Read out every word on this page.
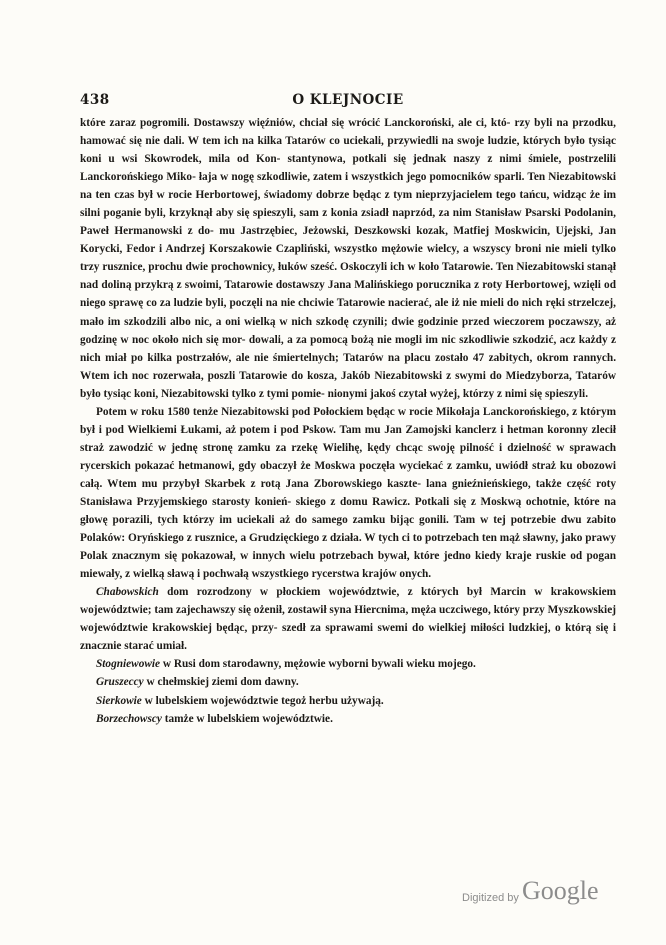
438	O KLEJNOCIE

które zaraz pogromili. Dostawszy więźniów, chciał się wrócić Lanckoroński, ale ci, któ- rzy byli na przodku, hamować się nie dali. W tem ich na kilka Tatarów co uciekali, przywiedli na swoje ludzie, których było tysiąc koni u wsi Skowrodek, mila od Kon- stantynowa, potkali się jednak naszy z nimi śmiele, postrzelili Lanckorońskiego Miko- łaja w nogę szkodliwie, zatem i wszystkich jego pomocników sparli. Ten Niezabitowski na ten czas był w rocie Herbortowej, świadomy dobrze będąc z tym nieprzyjacielem tego tańcu, widząc że im silni poganie byli, krzyknął aby się spieszyli, sam z konia zsiadł naprzód, za nim Stanisław Psarski Podolanin, Paweł Hermanowski z do- mu Jastrzębiec, Jeżowski, Deszkowski kozak, Matfiej Moskwicin, Ujejski, Jan Korycki, Fedor i Andrzej Korszakowie Czapliński, wszystko mężowie wielcy, a wszyscy broni nie mieli tylko trzy rusznice, prochu dwie prochownicy, łuków sześć. Oskoczyli ich w koło Tatarowie. Ten Niezabitowski stanął nad doliną przykrą z swoimi, Tatarowie dostawszy Jana Malińskiego porucznika z roty Herbortowej, wzięli od niego sprawę co za ludzie byli, poczęli na nie chciwie Tatarowie nacierać, ale iż nie mieli do nich ręki strzelczej, mało im szkodzili albo nic, a oni wielką w nich szkodę czynili; dwie godzinie przed wieczorem poczawszy, aż godzinę w noc około nich się mor- dowali, a za pomocą bożą nie mogli im nic szkodliwie szkodzić, acz każdy z nich miał po kilka postrzałów, ale nie śmiertelnych; Tatarów na placu zostało 47 zabitych, okrom rannych. Wtem ich noc rozerwała, poszli Tatarowie do kosza, Jakób Niezabitowski z swymi do Miedzyborza, Tatarów było tysiąc koni, Niezabitowski tylko z tymi pomie- nionymi jakoś czytał wyżej, którzy z nimi się spieszyli.

Potem w roku 1580 tenże Niezabitowski pod Połockiem będąc w rocie Mikołaja Lanckorońskiego, z którym był i pod Wielkiemi Łukami, aż potem i pod Pskow. Tam mu Jan Zamojski kanclerz i hetman koronny zlecił straż zawodzić w jednę stronę zamku za rzekę Wielihę, kędy chcąc swoję pilność i dzielność w sprawach rycerskich pokazać hetmanowi, gdy obaczył że Moskwa poczęła wyciekać z zamku, uwiódł straż ku obozowi całą. Wtem mu przybył Skarbek z rotą Jana Zborowskiego kaszte- lana gnieźnieńskiego, także część roty Stanisława Przyjemskiego starosty konień- skiego z domu Rawicz. Potkali się z Moskwą ochotnie, które na głowę porazili, tych którzy im uciekali aż do samego zamku bijąc gonili. Tam w tej potrzebie dwu zabito Polaków: Oryńskiego z rusznice, a Grudzięckiego z działa. W tych ci to potrzebach ten mąż sławny, jako prawy Polak znacznym się pokazował, w innych wielu potrzebach bywał, które jedno kiedy kraje ruskie od pogan miewały, z wielką sławą i pochwałą wszystkiego rycerstwa krajów onych.

Chabowskich dom rozrodzony w płockiem województwie, z których był Marcin w krakowskiem województwie; tam zajechawszy się ożenił, zostawił syna Hiercnima, męża uczciwego, który przy Myszkowskiej województwie krakowskiej będąc, przy- szedł za sprawami swemi do wielkiej miłości ludzkiej, o którą się i znacznie starać umiał.

Stogniewowie w Rusi dom starodawny, mężowie wyborni bywali wieku mojego.

Gruszeccy w chełmskiej ziemi dom dawny.

Sierkowie w lubelskiem województwie tegoż herbu używają.

Borzechowscy tamże w lubelskiem województwie.

Digitized by Google
